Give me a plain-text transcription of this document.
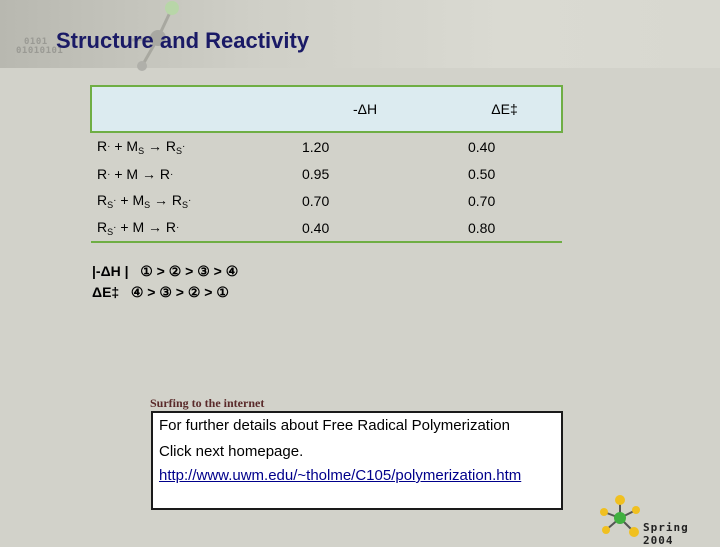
0101
01010101
Structure and Reactivity
	-ΔH	ΔE‡
$R\cdot + M_S \to R_S\cdot$	1.20	0.40
R· + M → R·	0.95	0.50
$R_S\cdot + M_S \to R_S\cdot$	0.70	0.70
$R_S\cdot + M \to R\cdot$	0.40	0.80
|-ΔH |   ① > ② > ③ > ④
ΔE‡   ④ > ③ > ② > ①
Surfing to the internet

For further details about Free Radical Polymerization

Click next homepage.

http://www.uwm.edu/~tholme/C105/polymerization.htm
Spring 2004
